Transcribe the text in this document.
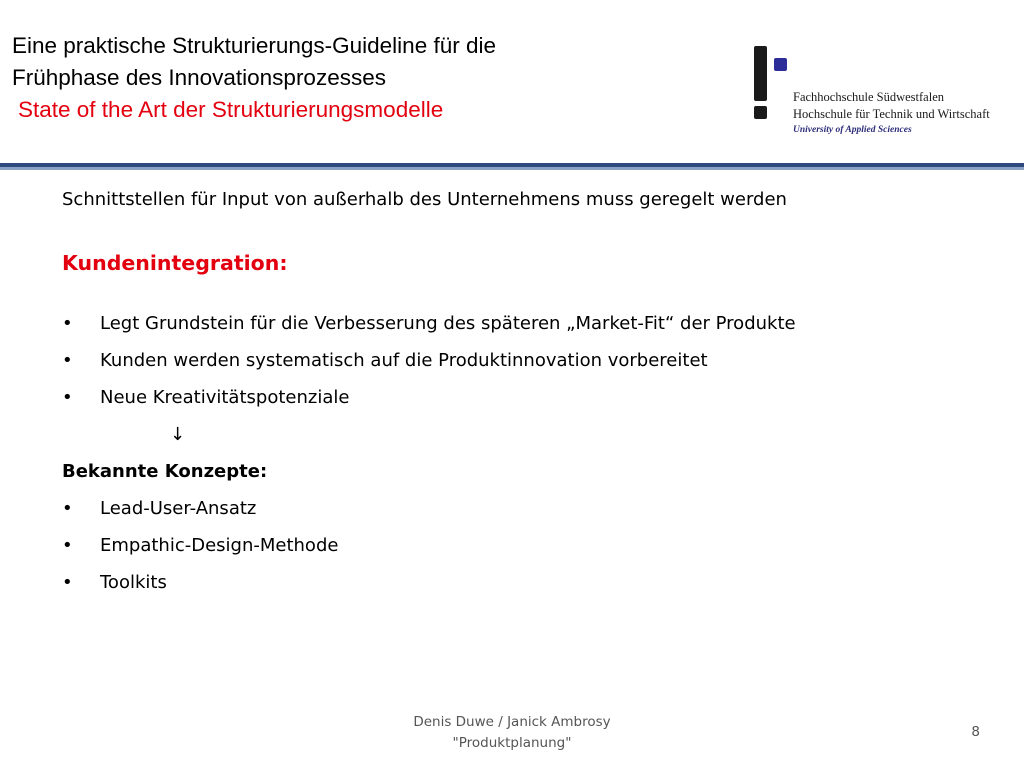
Eine praktische Strukturierungs-Guideline für die
Frühphase des Innovationsprozesses
State of the Art der Strukturierungsmodelle	Fachhochschule Südwestfalen
Hochschule für Technik und Wirtschaft
University of Applied Sciences
Schnittstellen für Input von außerhalb des Unternehmens muss geregelt werden
Kundenintegration:
•	Legt Grundstein für die Verbesserung des späteren „Market-Fit“ der Produkte
•	Kunden werden systematisch auf die Produktinnovation vorbereitet
•	Neue Kreativitätspotenziale
↓
Bekannte Konzepte:
•	Lead-User-Ansatz
•	Empathic-Design-Methode
•	Toolkits
Denis Duwe / Janick Ambrosy
"Produktplanung"
8
